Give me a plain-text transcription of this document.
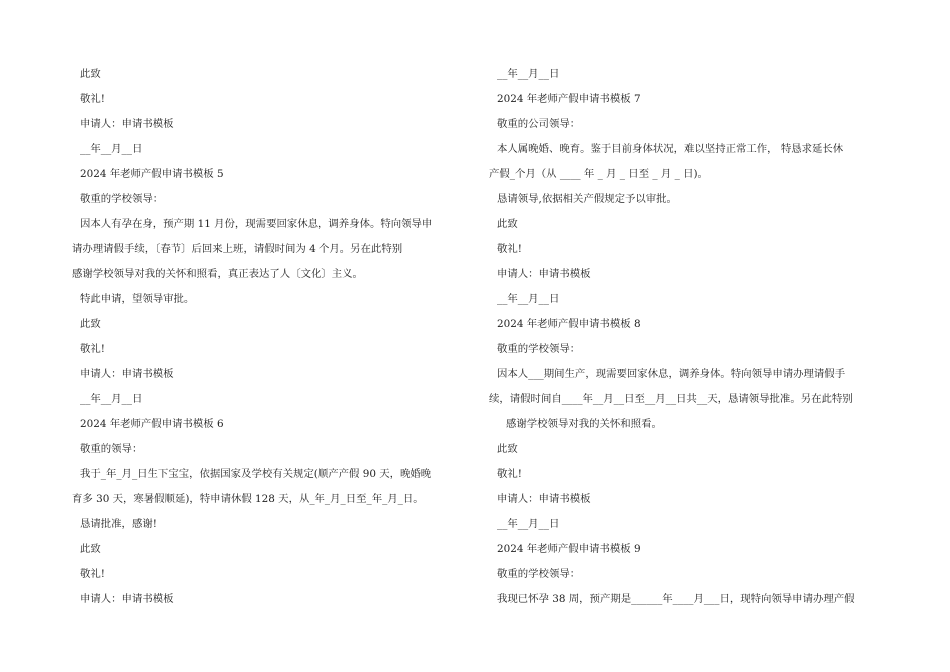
此致
敬礼!
申请人：申请书模板
__年__月__日
2024 年老师产假申请书模板 5
敬重的学校领导：
因本人有孕在身，预产期 11 月份，现需要回家休息，调养身体。特向领导申
请办理请假手续，〔春节〕后回来上班，请假时间为 4 个月。另在此特别
感谢学校领导对我的关怀和照看，真正表达了人〔文化〕主义。
特此申请，望领导审批。
此致
敬礼!
申请人：申请书模板
__年__月__日
2024 年老师产假申请书模板 6
敬重的领导：
我于_年_月_日生下宝宝，依据国家及学校有关规定(顺产产假 90 天，晚婚晚
育多 30 天，寒暑假顺延)，特申请休假 128 天，从_年_月_日至_年_月_日。
恳请批准，感谢!
此致
敬礼!
申请人：申请书模板
__年__月__日
2024 年老师产假申请书模板 7
敬重的公司领导：
本人属晚婚、晚育。鉴于目前身体状况，难以坚持正常工作， 特恳求延长休
产假_个月（从 ____ 年 _ 月 _ 日至 _ 月 _ 日)。
恳请领导,依据相关产假规定予以审批。
此致
敬礼!
申请人：申请书模板
__年__月__日
2024 年老师产假申请书模板 8
敬重的学校领导：
因本人___期间生产，现需要回家休息，调养身体。特向领导申请办理请假手
续，请假时间自____年__月__日至__月__日共__天，恳请领导批准。另在此特别
感谢学校领导对我的关怀和照看。
此致
敬礼!
申请人：申请书模板
__年__月__日
2024 年老师产假申请书模板 9
敬重的学校领导：
我现已怀孕 38 周，预产期是______年____月___日，现特向领导申请办理产假
